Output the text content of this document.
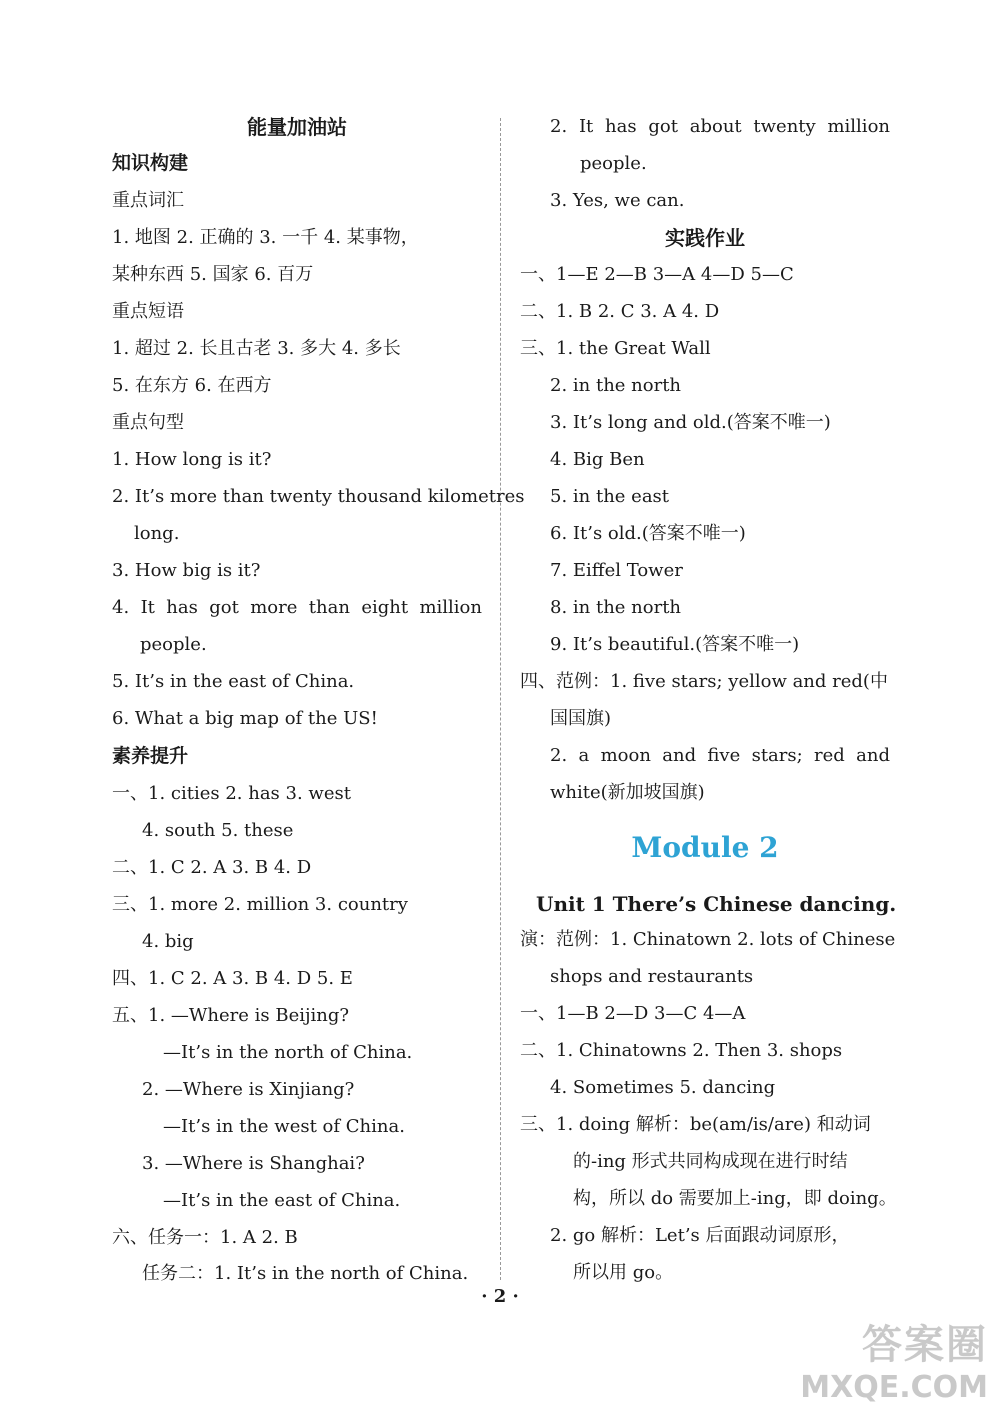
能量加油站
知识构建
重点词汇
1. 地图 2. 正确的 3. 一千 4. 某事物，
某种东西 5. 国家 6. 百万
重点短语
1. 超过 2. 长且古老 3. 多大 4. 多长
5. 在东方 6. 在西方
重点句型
1. How long is it?
2. It’s more than twenty thousand kilometres
long.
3. How big is it?
4. It has got more than eight million
people.
5. It’s in the east of China.
6. What a big map of the US!
素养提升
一、1. cities 2. has 3. west
4. south 5. these
二、1. C 2. A 3. B 4. D
三、1. more 2. million 3. country
4. big
四、1. C 2. A 3. B 4. D 5. E
五、1. —Where is Beijing?
—It’s in the north of China.
2. —Where is Xinjiang?
—It’s in the west of China.
3. —Where is Shanghai?
—It’s in the east of China.
六、任务一：1. A 2. B
任务二：1. It’s in the north of China.
2. It has got about twenty million
people.
3. Yes, we can.
实践作业
一、1—E 2—B 3—A 4—D 5—C
二、1. B 2. C 3. A 4. D
三、1. the Great Wall
2. in the north
3. It’s long and old.(答案不唯一)
4. Big Ben
5. in the east
6. It’s old.(答案不唯一)
7. Eiffel Tower
8. in the north
9. It’s beautiful.(答案不唯一)
四、范例：1. five stars; yellow and red(中
国国旗)
2. a moon and five stars; red and
white(新加坡国旗)
Module 2
Unit 1 There’s Chinese dancing.
演：范例：1. Chinatown 2. lots of Chinese
shops and restaurants
一、1—B 2—D 3—C 4—A
二、1. Chinatowns 2. Then 3. shops
4. Sometimes 5. dancing
三、1. doing 解析：be(am/is/are) 和动词
的-ing 形式共同构成现在进行时结
构，所以 do 需要加上-ing，即 doing。
2. go 解析：Let’s 后面跟动词原形，
所以用 go。
· 2 ·
答案圈
MXQE.COM
